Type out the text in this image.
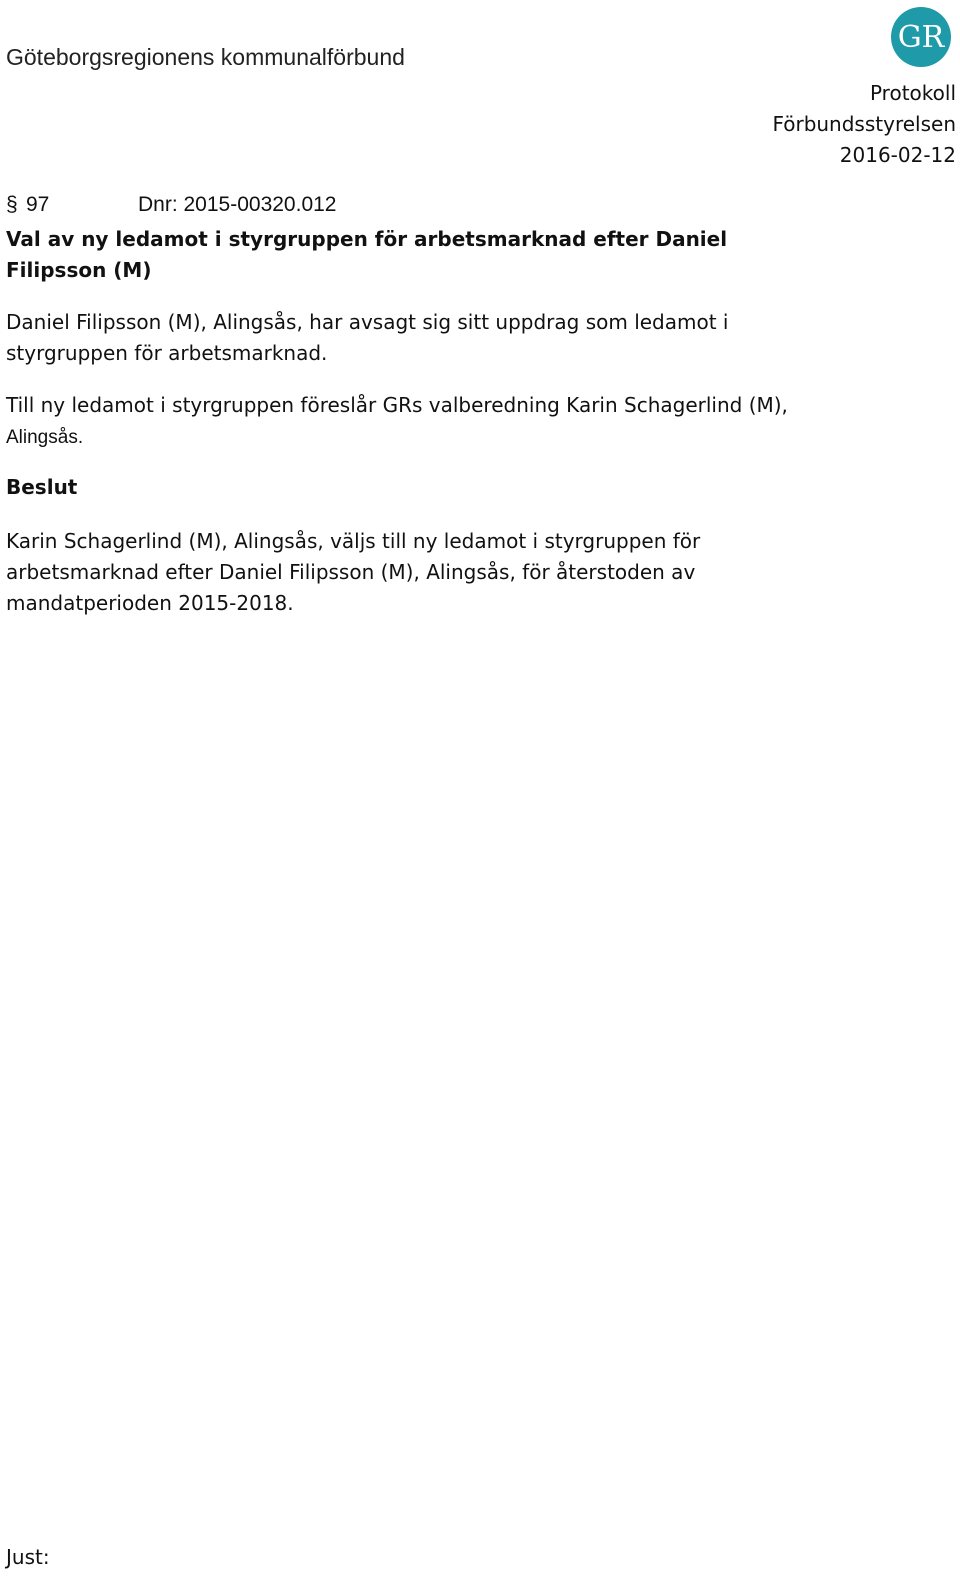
Göteborgsregionens kommunalförbund
GR
Protokoll
Förbundsstyrelsen
2016-02-12
§ 97	Dnr: 2015-00320.012
Val av ny ledamot i styrgruppen för arbetsmarknad efter Daniel Filipsson (M)

Daniel Filipsson (M), Alingsås, har avsagt sig sitt uppdrag som ledamot i styrgruppen för arbetsmarknad.

Till ny ledamot i styrgruppen föreslår GRs valberedning Karin Schagerlind (M), Alingsås.

Beslut

Karin Schagerlind (M), Alingsås, väljs till ny ledamot i styrgruppen för arbetsmarknad efter Daniel Filipsson (M), Alingsås, för återstoden av mandatperioden 2015-2018.

Just:
